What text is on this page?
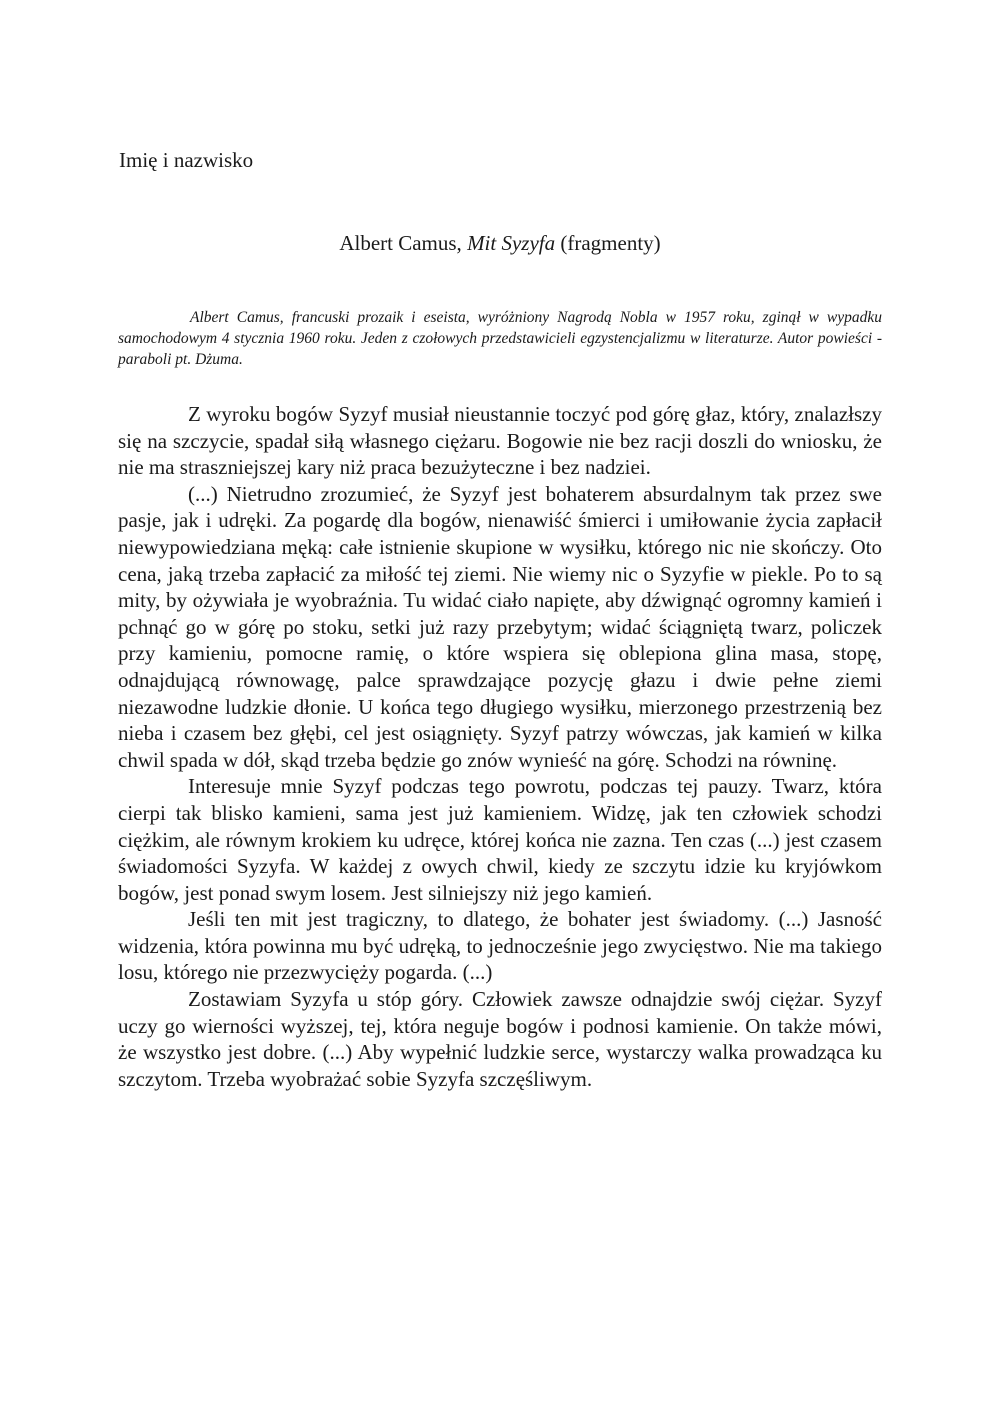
Imię i nazwisko
Albert Camus, Mit Syzyfa (fragmenty)

Albert Camus, francuski prozaik i eseista, wyróżniony Nagrodą Nobla w 1957 roku, zginął w wypadku samochodowym 4 stycznia 1960 roku. Jeden z czołowych przedstawicieli egzystencjalizmu w literaturze. Autor powieści - paraboli pt. Dżuma.

Z wyroku bogów Syzyf musiał nieustannie toczyć pod górę głaz, który, znalazłszy się na szczycie, spadał siłą własnego ciężaru. Bogowie nie bez racji doszli do wniosku, że nie ma straszniejszej kary niż praca bezużyteczne i bez nadziei.

(...) Nietrudno zrozumieć, że Syzyf jest bohaterem absurdalnym tak przez swe pasje, jak i udręki. Za pogardę dla bogów, nienawiść śmierci i umiłowanie życia zapłacił niewypowiedziana męką: całe istnienie skupione w wysiłku, którego nic nie skończy. Oto cena, jaką trzeba zapłacić za miłość tej ziemi. Nie wiemy nic o Syzyfie w piekle. Po to są mity, by ożywiała je wyobraźnia. Tu widać ciało napięte, aby dźwignąć ogromny kamień i pchnąć go w górę po stoku, setki już razy przebytym; widać ściągniętą twarz, policzek przy kamieniu, pomocne ramię, o które wspiera się oblepiona glina masa, stopę, odnajdującą równowagę, palce sprawdzające pozycję głazu i dwie pełne ziemi niezawodne ludzkie dłonie. U końca tego długiego wysiłku, mierzonego przestrzenią bez nieba i czasem bez głębi, cel jest osiągnięty. Syzyf patrzy wówczas, jak kamień w kilka chwil spada w dół, skąd trzeba będzie go znów wynieść na górę. Schodzi na równinę.

Interesuje mnie Syzyf podczas tego powrotu, podczas tej pauzy. Twarz, która cierpi tak blisko kamieni, sama jest już kamieniem. Widzę, jak ten człowiek schodzi ciężkim, ale równym krokiem ku udręce, której końca nie zazna. Ten czas (...) jest czasem świadomości Syzyfa. W każdej z owych chwil, kiedy ze szczytu idzie ku kryjówkom bogów, jest ponad swym losem. Jest silniejszy niż jego kamień.

Jeśli ten mit jest tragiczny, to dlatego, że bohater jest świadomy. (...) Jasność widzenia, która powinna mu być udręką, to jednocześnie jego zwycięstwo. Nie ma takiego losu, którego nie przezwycięży pogarda. (...)

Zostawiam Syzyfa u stóp góry. Człowiek zawsze odnajdzie swój ciężar. Syzyf uczy go wierności wyższej, tej, która neguje bogów i podnosi kamienie. On także mówi, że wszystko jest dobre. (...) Aby wypełnić ludzkie serce, wystarczy walka prowadząca ku szczytom. Trzeba wyobrażać sobie Syzyfa szczęśliwym.
